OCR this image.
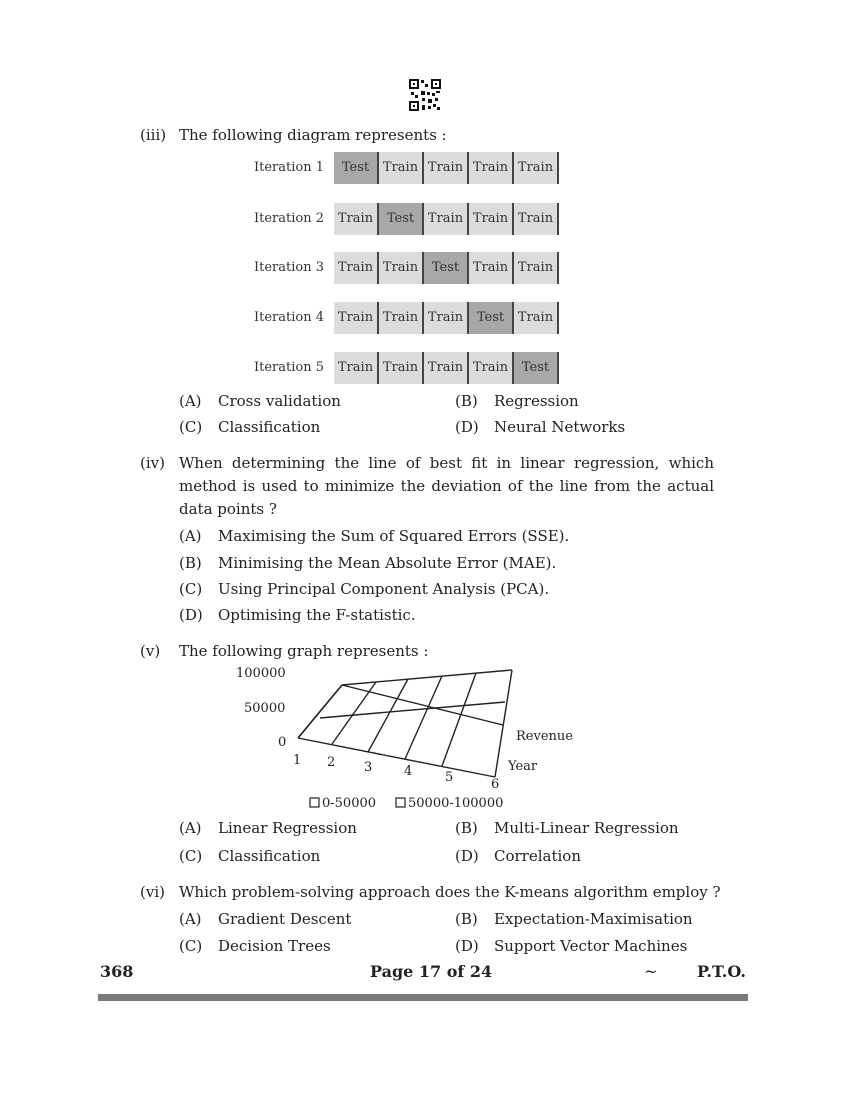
(iii) The following diagram represents :
Iteration 1	Test	Train Train Train Train
Iteration 2	Train	Test	Train Train Train
Iteration 3	Train Train	Test	Train Train
Iteration 4	Train Train Train	Test	Train
Iteration 5	Train Train Train Train	Test
(A) Cross validation	(B) Regression
(C) Classification	(D) Neural Networks
(iv) When determining the line of best fit in linear regression, which method is used to minimize the deviation of the line from the actual data points ?
(A) Maximising the Sum of Squared Errors (SSE).
(B) Minimising the Mean Absolute Error (MAE).
(C) Using Principal Component Analysis (PCA).
(D) Optimising the F-statistic.
(v) The following graph represents :
100000
50000
0	Revenue
Year
1 2 3 4	5	6
0-50000 50000-100000
(A) Linear Regression	(B) Multi-Linear Regression
(C) Classification	(D) Correlation
(vi) Which problem-solving approach does the K-means algorithm employ ?
(A) Gradient Descent	(B) Expectation-Maximisation
(C) Decision Trees	(D) Support Vector Machines
368	Page 17 of 24	~ P.T.O.
